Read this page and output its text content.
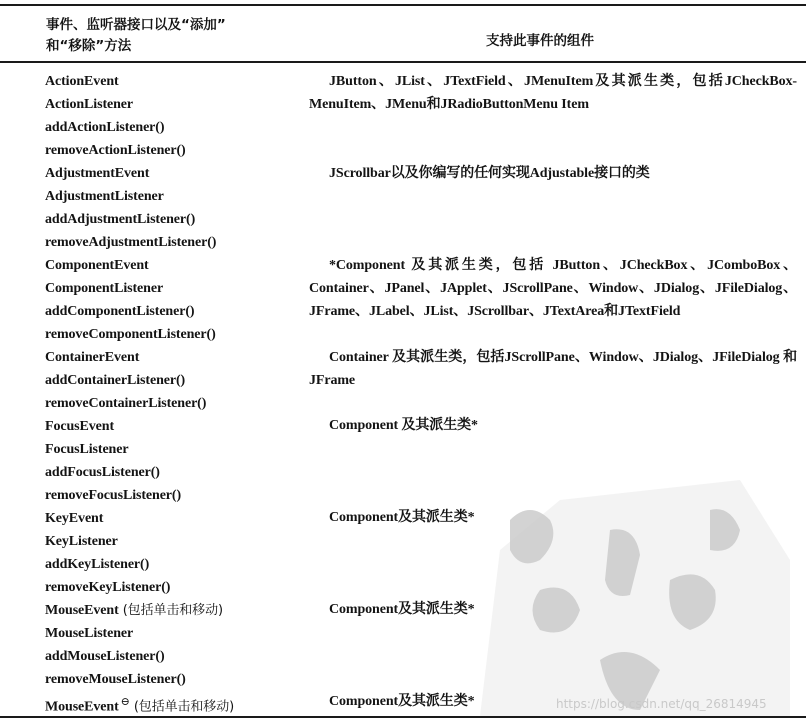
事件、监听器接口以及“添加”
和“移除”方法	支持此事件的组件
ActionEvent
ActionListener
addActionListener()
removeActionListener()
AdjustmentEvent
AdjustmentListener
addAdjustmentListener()
removeAdjustmentListener()
ComponentEvent
ComponentListener
addComponentListener()
removeComponentListener()
ContainerEvent
addContainerListener()
removeContainerListener()
FocusEvent
FocusListener
addFocusListener()
removeFocusListener()
KeyEvent
KeyListener
addKeyListener()
removeKeyListener()
MouseEvent (包括单击和移动)
MouseListener
addMouseListener()
removeMouseListener()
MouseEvent ⊖ (包括单击和移动)
JButton、JList、JTextField、JMenuItem及其派生类，包括JCheckBox-MenuItem、JMenu和JRadioButtonMenu Item
JScrollbar以及你编写的任何实现Adjustable接口的类
*Component 及其派生类，包括 JButton、JCheckBox、JComboBox、Container、JPanel、JApplet、JScrollPane、Window、JDialog、JFileDialog、JFrame、JLabel、JList、JScrollbar、JTextArea和JTextField
Container 及其派生类，包括JScrollPane、Window、JDialog、JFileDialog 和JFrame
Component 及其派生类*
Component及其派生类*
Component及其派生类*
Component及其派生类*	https://blog.csdn.net/qq_26814945
